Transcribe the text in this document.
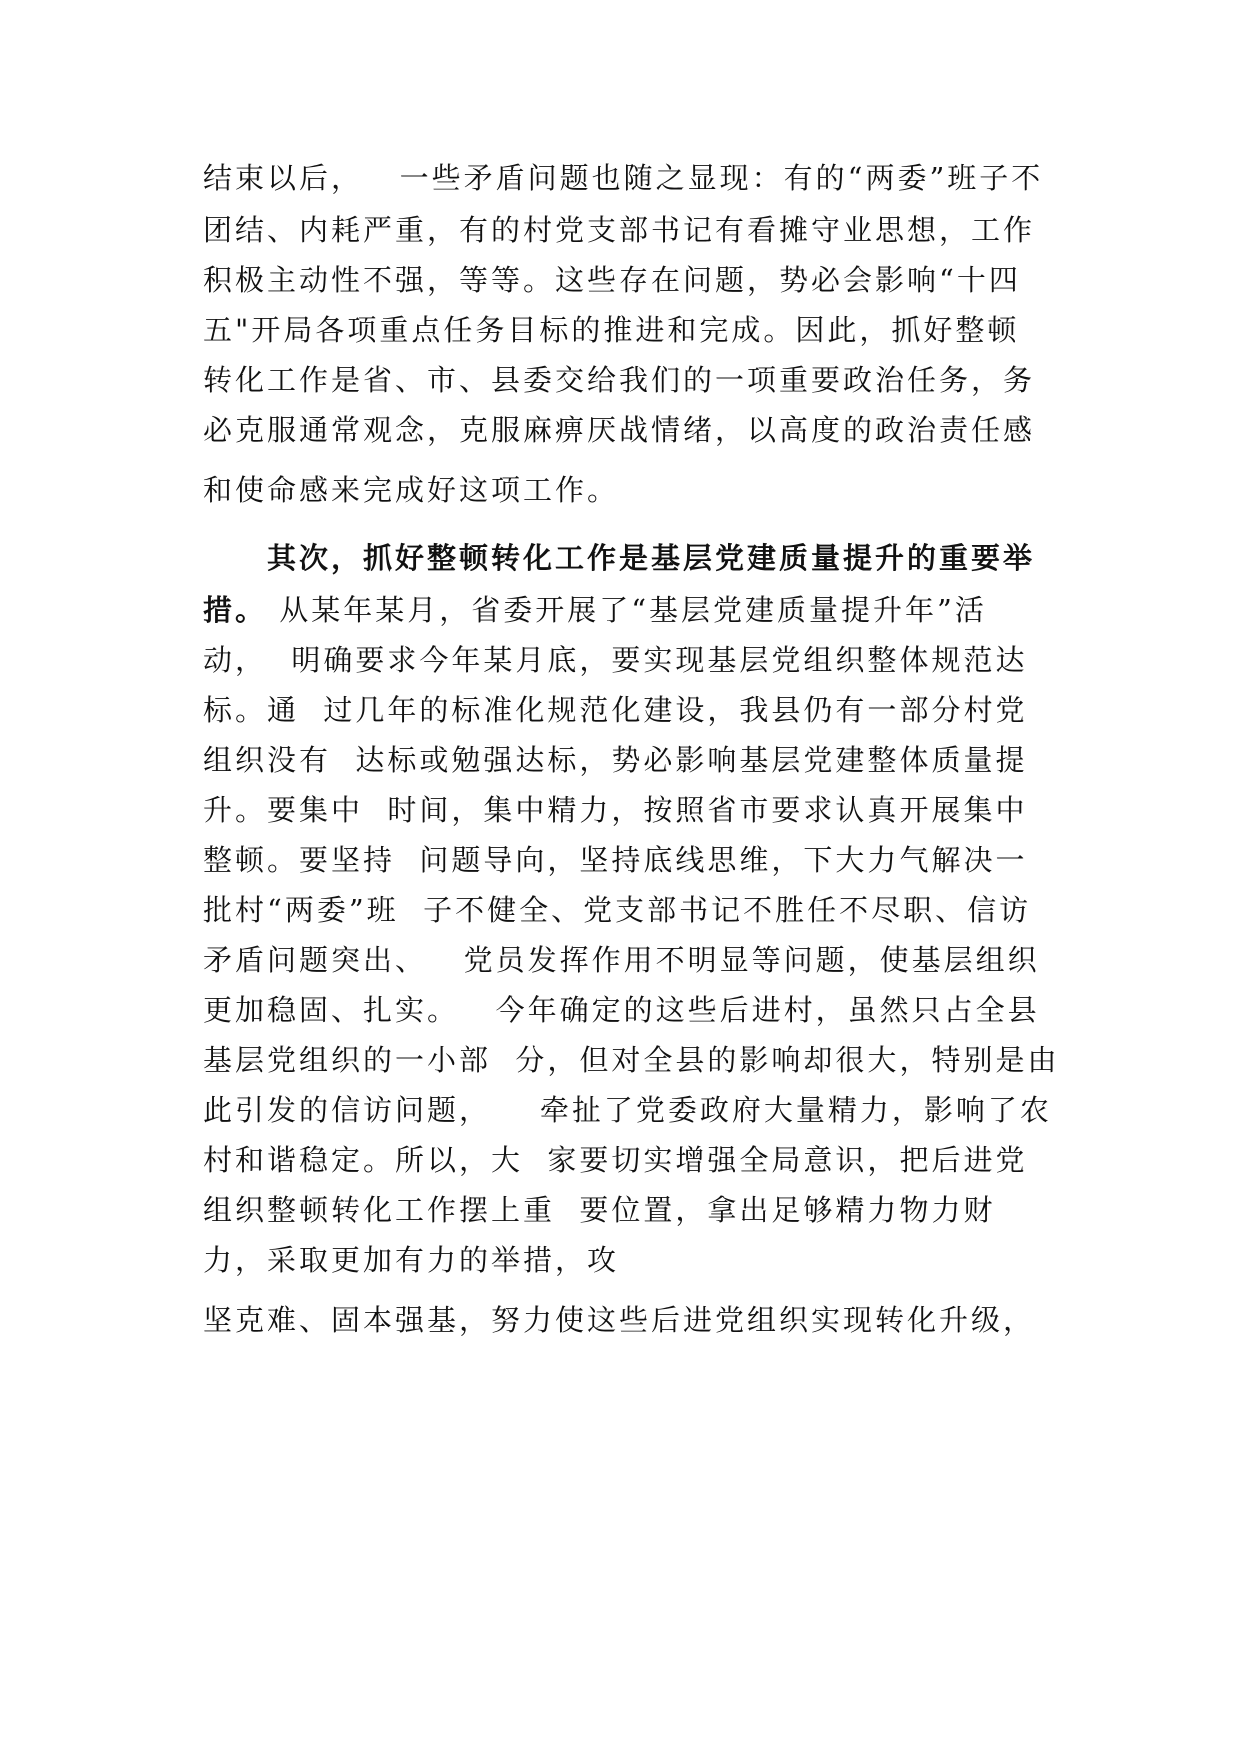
结束以后，   一些矛盾问题也随之显现：有的“两委”班子不
团结、内耗严重，有的村党支部书记有看摊守业思想，工作
积极主动性不强，等等。这些存在问题，势必会影响“十四
五"开局各项重点任务目标的推进和完成。因此，抓好整顿
转化工作是省、市、县委交给我们的一项重要政治任务，务
必克服通常观念，克服麻痹厌战情绪，以高度的政治责任感
和使命感来完成好这项工作。
其次，抓好整顿转化工作是基层党建质量提升的重要举
措。 从某年某月，省委开展了“基层党建质量提升年”活
动，  明确要求今年某月底，要实现基层党组织整体规范达
标。通  过几年的标准化规范化建设，我县仍有一部分村党
组织没有  达标或勉强达标，势必影响基层党建整体质量提
升。要集中  时间，集中精力，按照省市要求认真开展集中
整顿。要坚持  问题导向，坚持底线思维，下大力气解决一
批村“两委”班  子不健全、党支部书记不胜任不尽职、信访
矛盾问题突出、   党员发挥作用不明显等问题，使基层组织
更加稳固、扎实。   今年确定的这些后进村，虽然只占全县
基层党组织的一小部  分，但对全县的影响却很大，特别是由
此引发的信访问题，    牵扯了党委政府大量精力，影响了农
村和谐稳定。所以，大  家要切实增强全局意识，把后进党
组织整顿转化工作摆上重  要位置，拿出足够精力物力财
力，采取更加有力的举措，攻
坚克难、固本强基，努力使这些后进党组织实现转化升级，
